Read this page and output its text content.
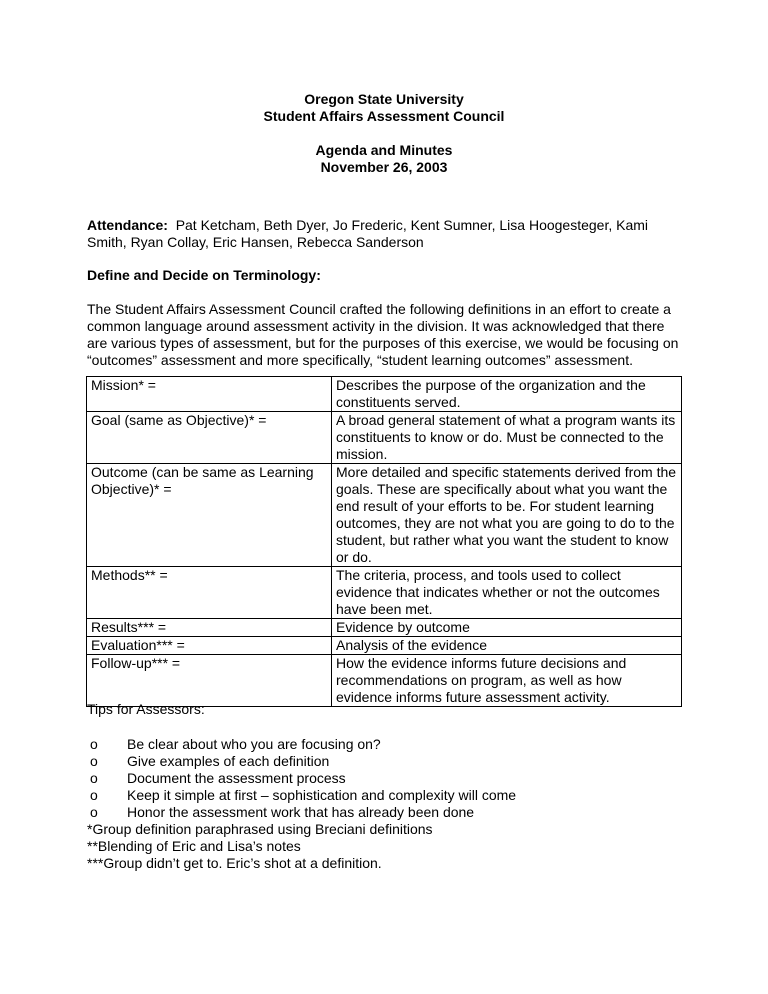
Oregon State University
Student Affairs Assessment Council
Agenda and Minutes
November 26, 2003
Attendance: Pat Ketcham, Beth Dyer, Jo Frederic, Kent Sumner, Lisa Hoogesteger, Kami Smith, Ryan Collay, Eric Hansen, Rebecca Sanderson
Define and Decide on Terminology:
The Student Affairs Assessment Council crafted the following definitions in an effort to create a common language around assessment activity in the division. It was acknowledged that there are various types of assessment, but for the purposes of this exercise, we would be focusing on “outcomes” assessment and more specifically, “student learning outcomes” assessment.
Mission* =	Describes the purpose of the organization and the constituents served.
Goal (same as Objective)* =	A broad general statement of what a program wants its constituents to know or do. Must be connected to the mission.
Outcome (can be same as Learning Objective)* =	More detailed and specific statements derived from the goals. These are specifically about what you want the end result of your efforts to be. For student learning outcomes, they are not what you are going to do to the student, but rather what you want the student to know or do.
Methods** =	The criteria, process, and tools used to collect evidence that indicates whether or not the outcomes have been met.
Results*** =	Evidence by outcome
Evaluation*** =	Analysis of the evidence
Follow-up*** =	How the evidence informs future decisions and recommendations on program, as well as how evidence informs future assessment activity.
Tips for Assessors:
o Be clear about who you are focusing on?
o Give examples of each definition
o Document the assessment process
o Keep it simple at first – sophistication and complexity will come
o Honor the assessment work that has already been done
*Group definition paraphrased using Breciani definitions
**Blending of Eric and Lisa’s notes
***Group didn’t get to. Eric’s shot at a definition.
